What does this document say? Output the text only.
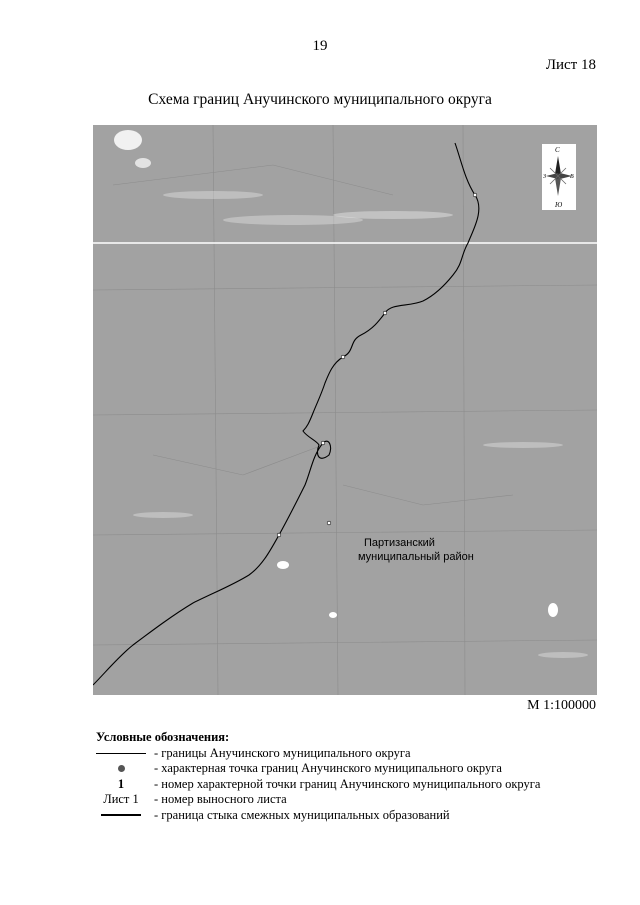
19
Лист 18
Схема границ Анучинского муниципального округа
С
Ю
З	В
Партизанский
муниципальный район
М 1:100000
Условные обозначения:
- границы Анучинского муниципального округа
- характерная точка границ Анучинского муниципального округа
1	- номер характерной точки границ Анучинского муниципального округа
Лист 1	- номер выносного листа
- граница стыка смежных муниципальных образований
